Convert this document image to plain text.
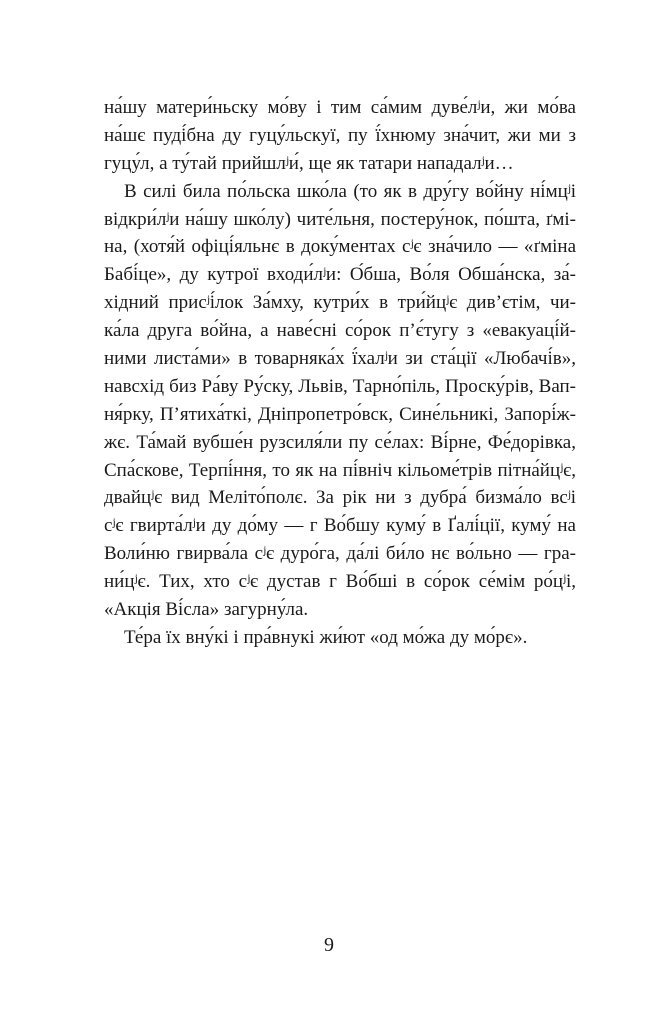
на́шу матери́ньску мо́ву і тим са́мим дуве́лʲи, жи мо́ва
на́шє пуді́бна ду гуцу́льскуї, пу ї́хнюму зна́чит, жи ми з
гуцу́л, а ту́тай прийшлʲи́, ще як татари нападалʲи…
В силі била по́льска шко́ла (то як в дру́гу во́йну ні́мцʲі
відкри́лʲи на́шу шко́лу) чите́льня, постеру́нок, по́шта, ґмі-
на, (хотя́й офіці́яльнє в доку́ментах сʲє зна́чило — «ґміна
Бабі́це», ду кутрої входи́лʲи: О́бша, Во́ля Обша́нска, за́-
хідний присʲі́лок За́мху, кутри́х в три́йцʲє див’єтім, чи-
ка́ла друга во́йна, а наве́сні со́рок п’є́тугу з «евакуаці́й-
ними листа́ми» в товарняка́х ї́халʲи зи ста́ції «Любачі́в»,
навсхід биз Ра́ву Ру́ску, Львів, Тарно́піль, Проску́рів, Вап-
ня́рку, П’ятиха́ткі, Дніпропетро́вск, Сине́льникі, Запорі́ж-
жє. Та́май вубше́н рузсиля́ли пу се́лах: Ві́рне, Фе́дорівка,
Спа́скове, Терпі́ння, то як на пі́вніч кільоме́трів пітна́йцʲє,
двайцʲє вид Меліто́полє. За рік ни з дубра́ бизма́ло всʲі
сʲє гвирта́лʲи ду до́му — г Во́бшу куму́ в Ґалі́ції, куму́ на
Воли́ню гвирва́ла сʲє дуро́га, да́лі би́ло нє во́льно — гра-
ни́цʲє. Тих, хто сʲє дустав г Во́бші в со́рок се́мім ро́цʲі,
«Акція Ві́сла» загурну́ла.
Те́ра їх вну́кі і пра́внукі жи́ют «од мо́жа ду мо́рє».
9
